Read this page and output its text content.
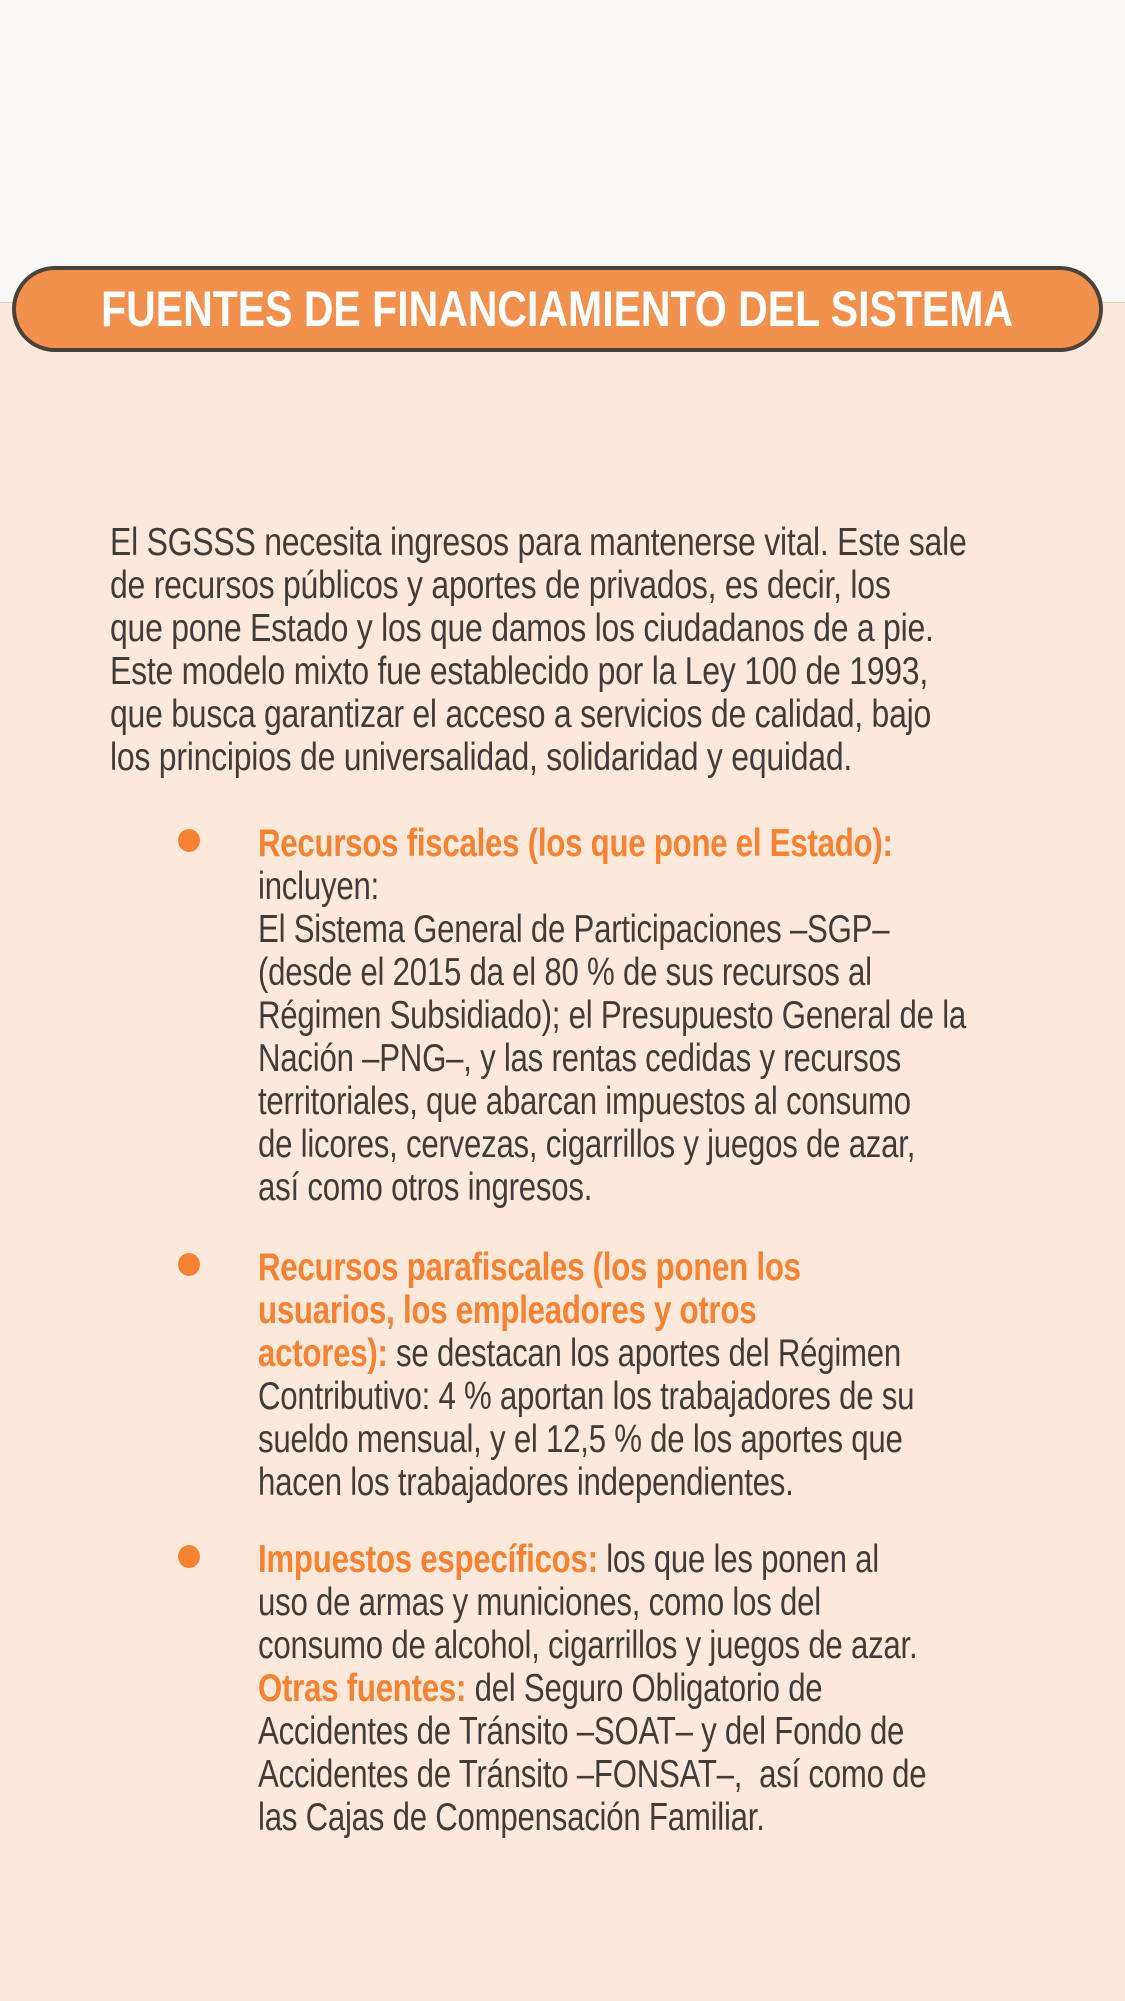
FUENTES DE FINANCIAMIENTO DEL SISTEMA
El SGSSS necesita ingresos para mantenerse vital. Este sale
de recursos públicos y aportes de privados, es decir, los
que pone Estado y los que damos los ciudadanos de a pie.
Este modelo mixto fue establecido por la Ley 100 de 1993,
que busca garantizar el acceso a servicios de calidad, bajo
los principios de universalidad, solidaridad y equidad.
Recursos fiscales (los que pone el Estado):
incluyen:
El Sistema General de Participaciones –SGP–
(desde el 2015 da el 80 % de sus recursos al
Régimen Subsidiado); el Presupuesto General de la
Nación –PNG–, y las rentas cedidas y recursos
territoriales, que abarcan impuestos al consumo
de licores, cervezas, cigarrillos y juegos de azar,
así como otros ingresos.
Recursos parafiscales (los ponen los
usuarios, los empleadores y otros
actores): se destacan los aportes del Régimen
Contributivo: 4 % aportan los trabajadores de su
sueldo mensual, y el 12,5 % de los aportes que
hacen los trabajadores independientes.
Impuestos específicos: los que les ponen al
uso de armas y municiones, como los del
consumo de alcohol, cigarrillos y juegos de azar.
Otras fuentes: del Seguro Obligatorio de
Accidentes de Tránsito –SOAT– y del Fondo de
Accidentes de Tránsito –FONSAT–,  así como de
las Cajas de Compensación Familiar.
